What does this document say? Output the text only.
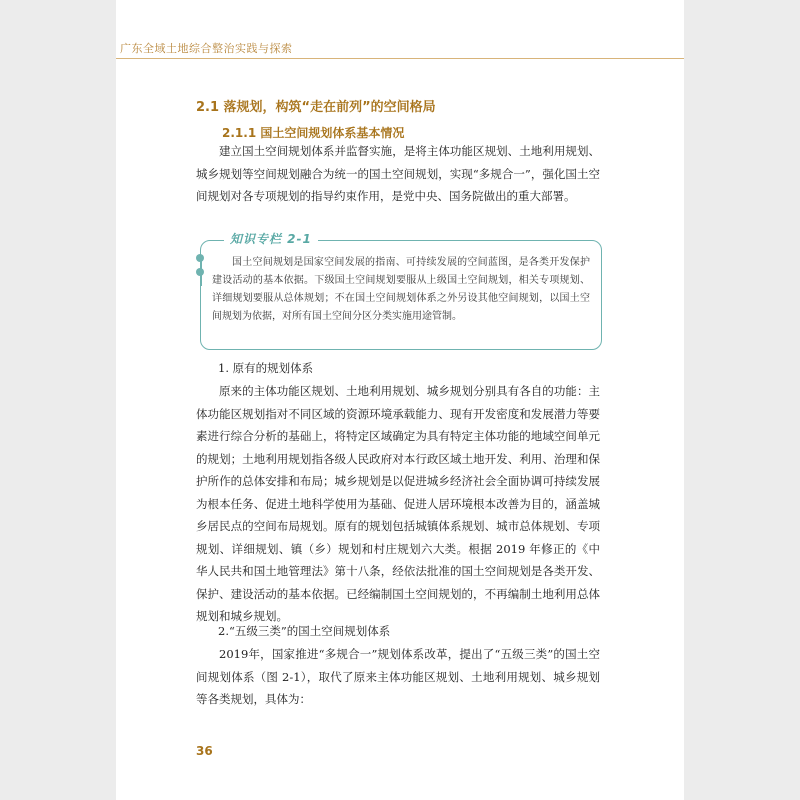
广东全域土地综合整治实践与探索
2.1 落规划，构筑“走在前列”的空间格局
2.1.1 国土空间规划体系基本情况

建立国土空间规划体系并监督实施，是将主体功能区规划、土地利用规划、城乡规划等空间规划融合为统一的国土空间规划，实现“多规合一”，强化国土空间规划对各专项规划的指导约束作用，是党中央、国务院做出的重大部署。

知识专栏 2-1

国土空间规划是国家空间发展的指南、可持续发展的空间蓝图，是各类开发保护建设活动的基本依据。下级国土空间规划要服从上级国土空间规划，相关专项规划、详细规划要服从总体规划；不在国土空间规划体系之外另设其他空间规划，以国土空间规划为依据，对所有国土空间分区分类实施用途管制。

1. 原有的规划体系

原来的主体功能区规划、土地利用规划、城乡规划分别具有各自的功能：主体功能区规划指对不同区域的资源环境承载能力、现有开发密度和发展潜力等要素进行综合分析的基础上，将特定区域确定为具有特定主体功能的地域空间单元的规划；土地利用规划指各级人民政府对本行政区域土地开发、利用、治理和保护所作的总体安排和布局；城乡规划是以促进城乡经济社会全面协调可持续发展为根本任务、促进土地科学使用为基础、促进人居环境根本改善为目的，涵盖城乡居民点的空间布局规划。原有的规划包括城镇体系规划、城市总体规划、专项规划、详细规划、镇（乡）规划和村庄规划六大类。根据 2019 年修正的《中华人民共和国土地管理法》第十八条，经依法批准的国土空间规划是各类开发、保护、建设活动的基本依据。已经编制国土空间规划的，不再编制土地利用总体规划和城乡规划。

2.“五级三类”的国土空间规划体系

2019年，国家推进“多规合一”规划体系改革，提出了“五级三类”的国土空间规划体系（图 2-1），取代了原来主体功能区规划、土地利用规划、城乡规划等各类规划，具体为：

36
